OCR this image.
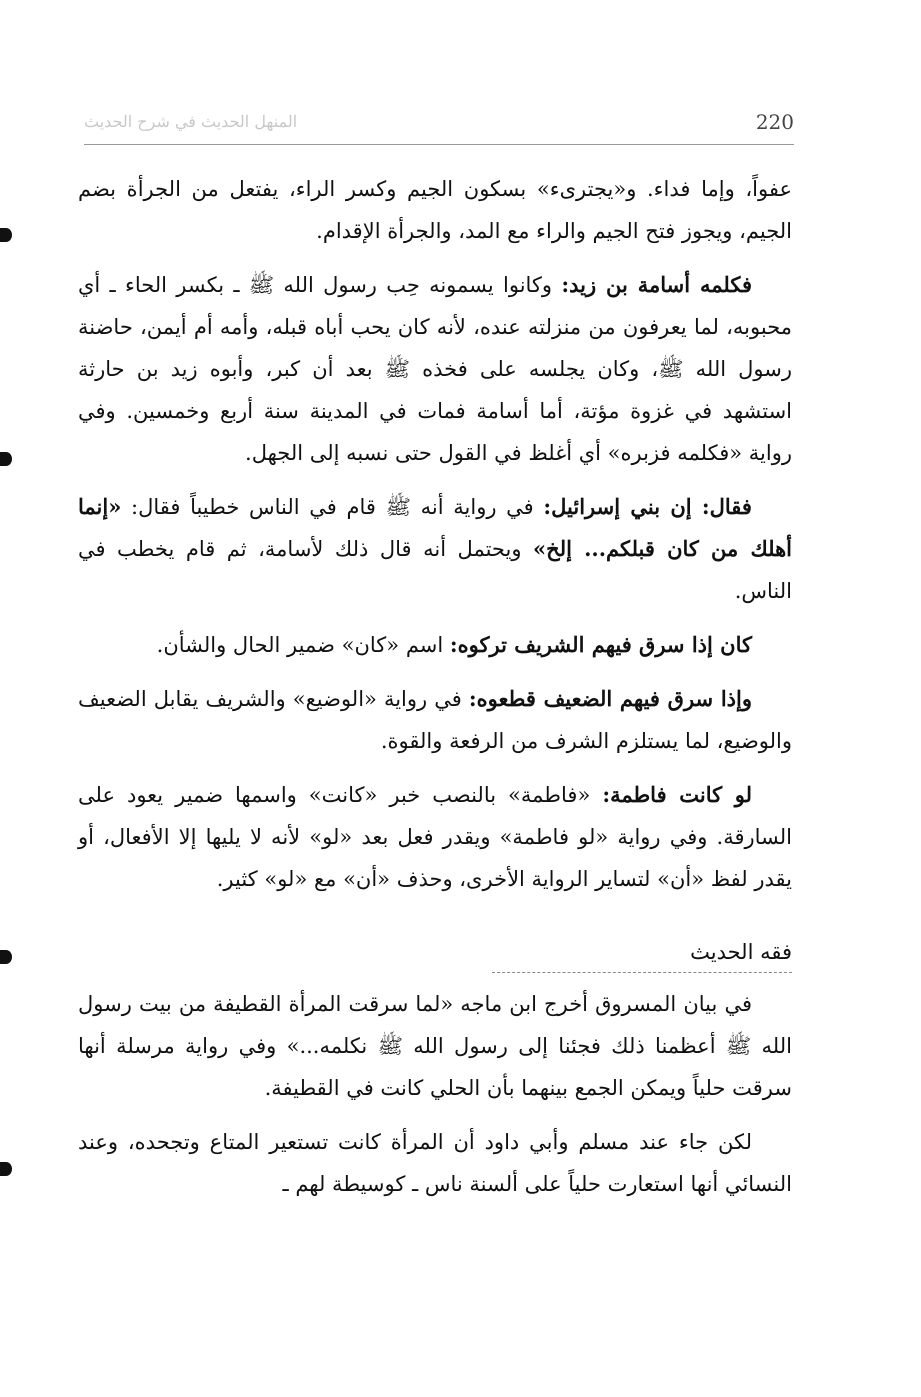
220
المنهل الحديث في شرح الحديث

عفواً، وإما فداء. و«يجترىء» بسكون الجيم وكسر الراء، يفتعل من الجرأة بضم الجيم، ويجوز فتح الجيم والراء مع المد، والجرأة الإقدام.

فكلمه أسامة بن زيد: وكانوا يسمونه حِب رسول الله ﷺ ـ بكسر الحاء ـ أي محبوبه، لما يعرفون من منزلته عنده، لأنه كان يحب أباه قبله، وأمه أم أيمن، حاضنة رسول الله ﷺ، وكان يجلسه على فخذه ﷺ بعد أن كبر، وأبوه زيد بن حارثة استشهد في غزوة مؤتة، أما أسامة فمات في المدينة سنة أربع وخمسين. وفي رواية «فكلمه فزبره» أي أغلظ في القول حتى نسبه إلى الجهل.

فقال: إن بني إسرائيل: في رواية أنه ﷺ قام في الناس خطيباً فقال: «إنما أهلك من كان قبلكم... إلخ» ويحتمل أنه قال ذلك لأسامة، ثم قام يخطب في الناس.

كان إذا سرق فيهم الشريف تركوه: اسم «كان» ضمير الحال والشأن.

وإذا سرق فيهم الضعيف قطعوه: في رواية «الوضيع» والشريف يقابل الضعيف والوضيع، لما يستلزم الشرف من الرفعة والقوة.

لو كانت فاطمة: «فاطمة» بالنصب خبر «كانت» واسمها ضمير يعود على السارقة. وفي رواية «لو فاطمة» ويقدر فعل بعد «لو» لأنه لا يليها إلا الأفعال، أو يقدر لفظ «أن» لتساير الرواية الأخرى، وحذف «أن» مع «لو» كثير.

فقه الحديث

في بيان المسروق أخرج ابن ماجه «لما سرقت المرأة القطيفة من بيت رسول الله ﷺ أعظمنا ذلك فجئنا إلى رسول الله ﷺ نكلمه...» وفي رواية مرسلة أنها سرقت حلياً ويمكن الجمع بينهما بأن الحلي كانت في القطيفة.

لكن جاء عند مسلم وأبي داود أن المرأة كانت تستعير المتاع وتجحده، وعند النسائي أنها استعارت حلياً على ألسنة ناس ـ كوسيطة لهم ـ
